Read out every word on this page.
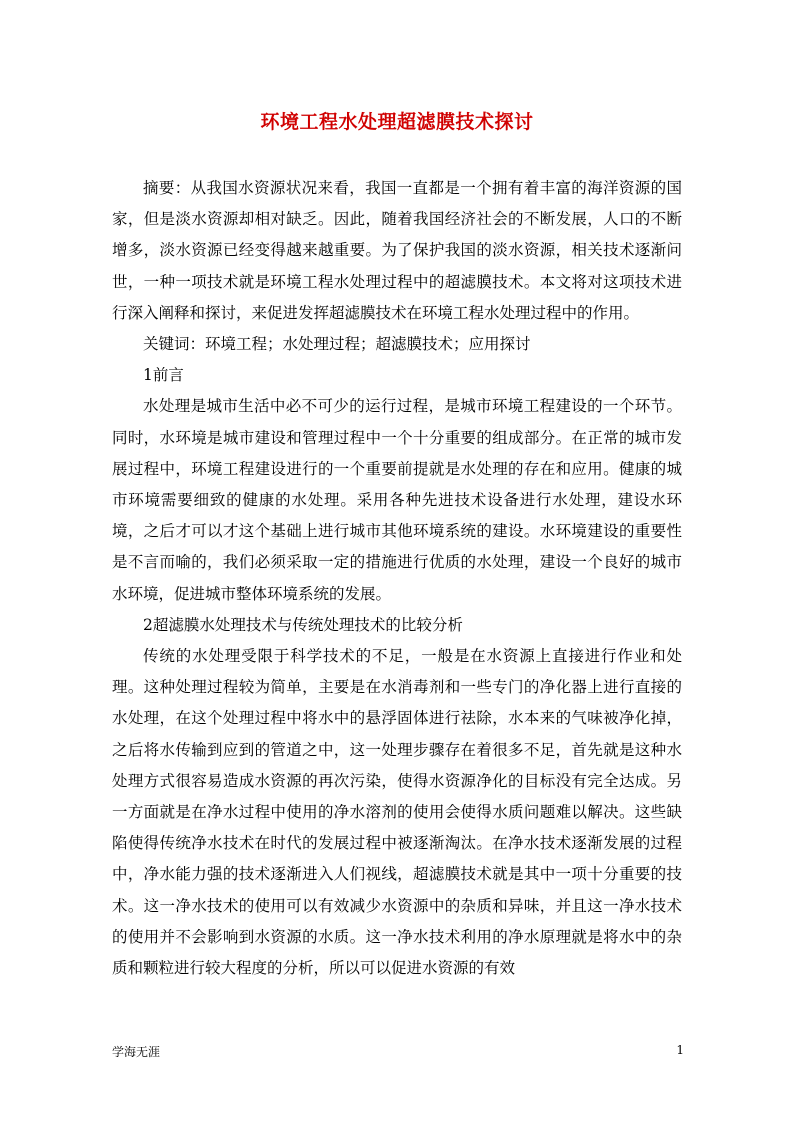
环境工程水处理超滤膜技术探讨

摘要：从我国水资源状况来看，我国一直都是一个拥有着丰富的海洋资源的国家，但是淡水资源却相对缺乏。因此，随着我国经济社会的不断发展，人口的不断增多，淡水资源已经变得越来越重要。为了保护我国的淡水资源，相关技术逐渐问世，一种一项技术就是环境工程水处理过程中的超滤膜技术。本文将对这项技术进行深入阐释和探讨，来促进发挥超滤膜技术在环境工程水处理过程中的作用。

关键词：环境工程；水处理过程；超滤膜技术；应用探讨

1前言

水处理是城市生活中必不可少的运行过程，是城市环境工程建设的一个环节。同时，水环境是城市建设和管理过程中一个十分重要的组成部分。在正常的城市发展过程中，环境工程建设进行的一个重要前提就是水处理的存在和应用。健康的城市环境需要细致的健康的水处理。采用各种先进技术设备进行水处理，建设水环境，之后才可以才这个基础上进行城市其他环境系统的建设。水环境建设的重要性是不言而喻的，我们必须采取一定的措施进行优质的水处理，建设一个良好的城市水环境，促进城市整体环境系统的发展。

2超滤膜水处理技术与传统处理技术的比较分析

传统的水处理受限于科学技术的不足，一般是在水资源上直接进行作业和处理。这种处理过程较为简单，主要是在水消毒剂和一些专门的净化器上进行直接的水处理，在这个处理过程中将水中的悬浮固体进行祛除，水本来的气味被净化掉，之后将水传输到应到的管道之中，这一处理步骤存在着很多不足，首先就是这种水处理方式很容易造成水资源的再次污染，使得水资源净化的目标没有完全达成。另一方面就是在净水过程中使用的净水溶剂的使用会使得水质问题难以解决。这些缺陷使得传统净水技术在时代的发展过程中被逐渐淘汰。在净水技术逐渐发展的过程中，净水能力强的技术逐渐进入人们视线，超滤膜技术就是其中一项十分重要的技术。这一净水技术的使用可以有效减少水资源中的杂质和异味，并且这一净水技术的使用并不会影响到水资源的水质。这一净水技术利用的净水原理就是将水中的杂质和颗粒进行较大程度的分析，所以可以促进水资源的有效

学海无涯	1
